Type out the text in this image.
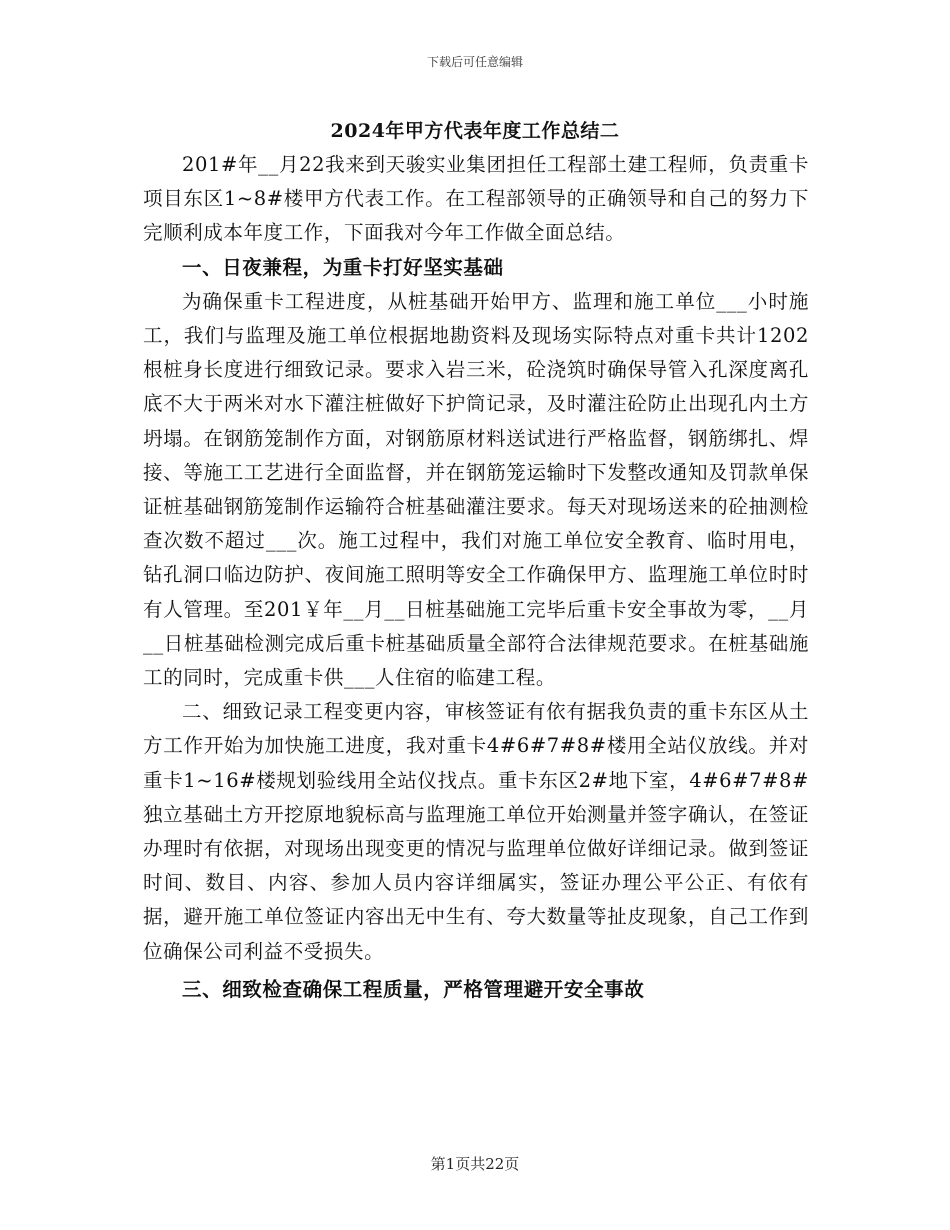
下载后可任意编辑
2024年甲方代表年度工作总结二

201#年__月22我来到天骏实业集团担任工程部土建工程师，负责重卡项目东区1~8#楼甲方代表工作。在工程部领导的正确领导和自己的努力下完顺利成本年度工作，下面我对今年工作做全面总结。

一、日夜兼程，为重卡打好坚实基础

为确保重卡工程进度，从桩基础开始甲方、监理和施工单位___小时施工，我们与监理及施工单位根据地勘资料及现场实际特点对重卡共计1202根桩身长度进行细致记录。要求入岩三米，砼浇筑时确保导管入孔深度离孔底不大于两米对水下灌注桩做好下护筒记录，及时灌注砼防止出现孔内土方坍塌。在钢筋笼制作方面，对钢筋原材料送试进行严格监督，钢筋绑扎、焊接、等施工工艺进行全面监督，并在钢筋笼运输时下发整改通知及罚款单保证桩基础钢筋笼制作运输符合桩基础灌注要求。每天对现场送来的砼抽测检查次数不超过___次。施工过程中，我们对施工单位安全教育、临时用电，钻孔洞口临边防护、夜间施工照明等安全工作确保甲方、监理施工单位时时有人管理。至201￥年__月__日桩基础施工完毕后重卡安全事故为零，__月__日桩基础检测完成后重卡桩基础质量全部符合法律规范要求。在桩基础施工的同时，完成重卡供___人住宿的临建工程。

二、细致记录工程变更内容，审核签证有依有据我负责的重卡东区从土方工作开始为加快施工进度，我对重卡4#6#7#8#楼用全站仪放线。并对重卡1~16#楼规划验线用全站仪找点。重卡东区2#地下室，4#6#7#8#独立基础土方开挖原地貌标高与监理施工单位开始测量并签字确认，在签证办理时有依据，对现场出现变更的情况与监理单位做好详细记录。做到签证时间、数目、内容、参加人员内容详细属实，签证办理公平公正、有依有据，避开施工单位签证内容出无中生有、夸大数量等扯皮现象，自己工作到位确保公司利益不受损失。

三、细致检查确保工程质量，严格管理避开安全事故

第1页共22页
